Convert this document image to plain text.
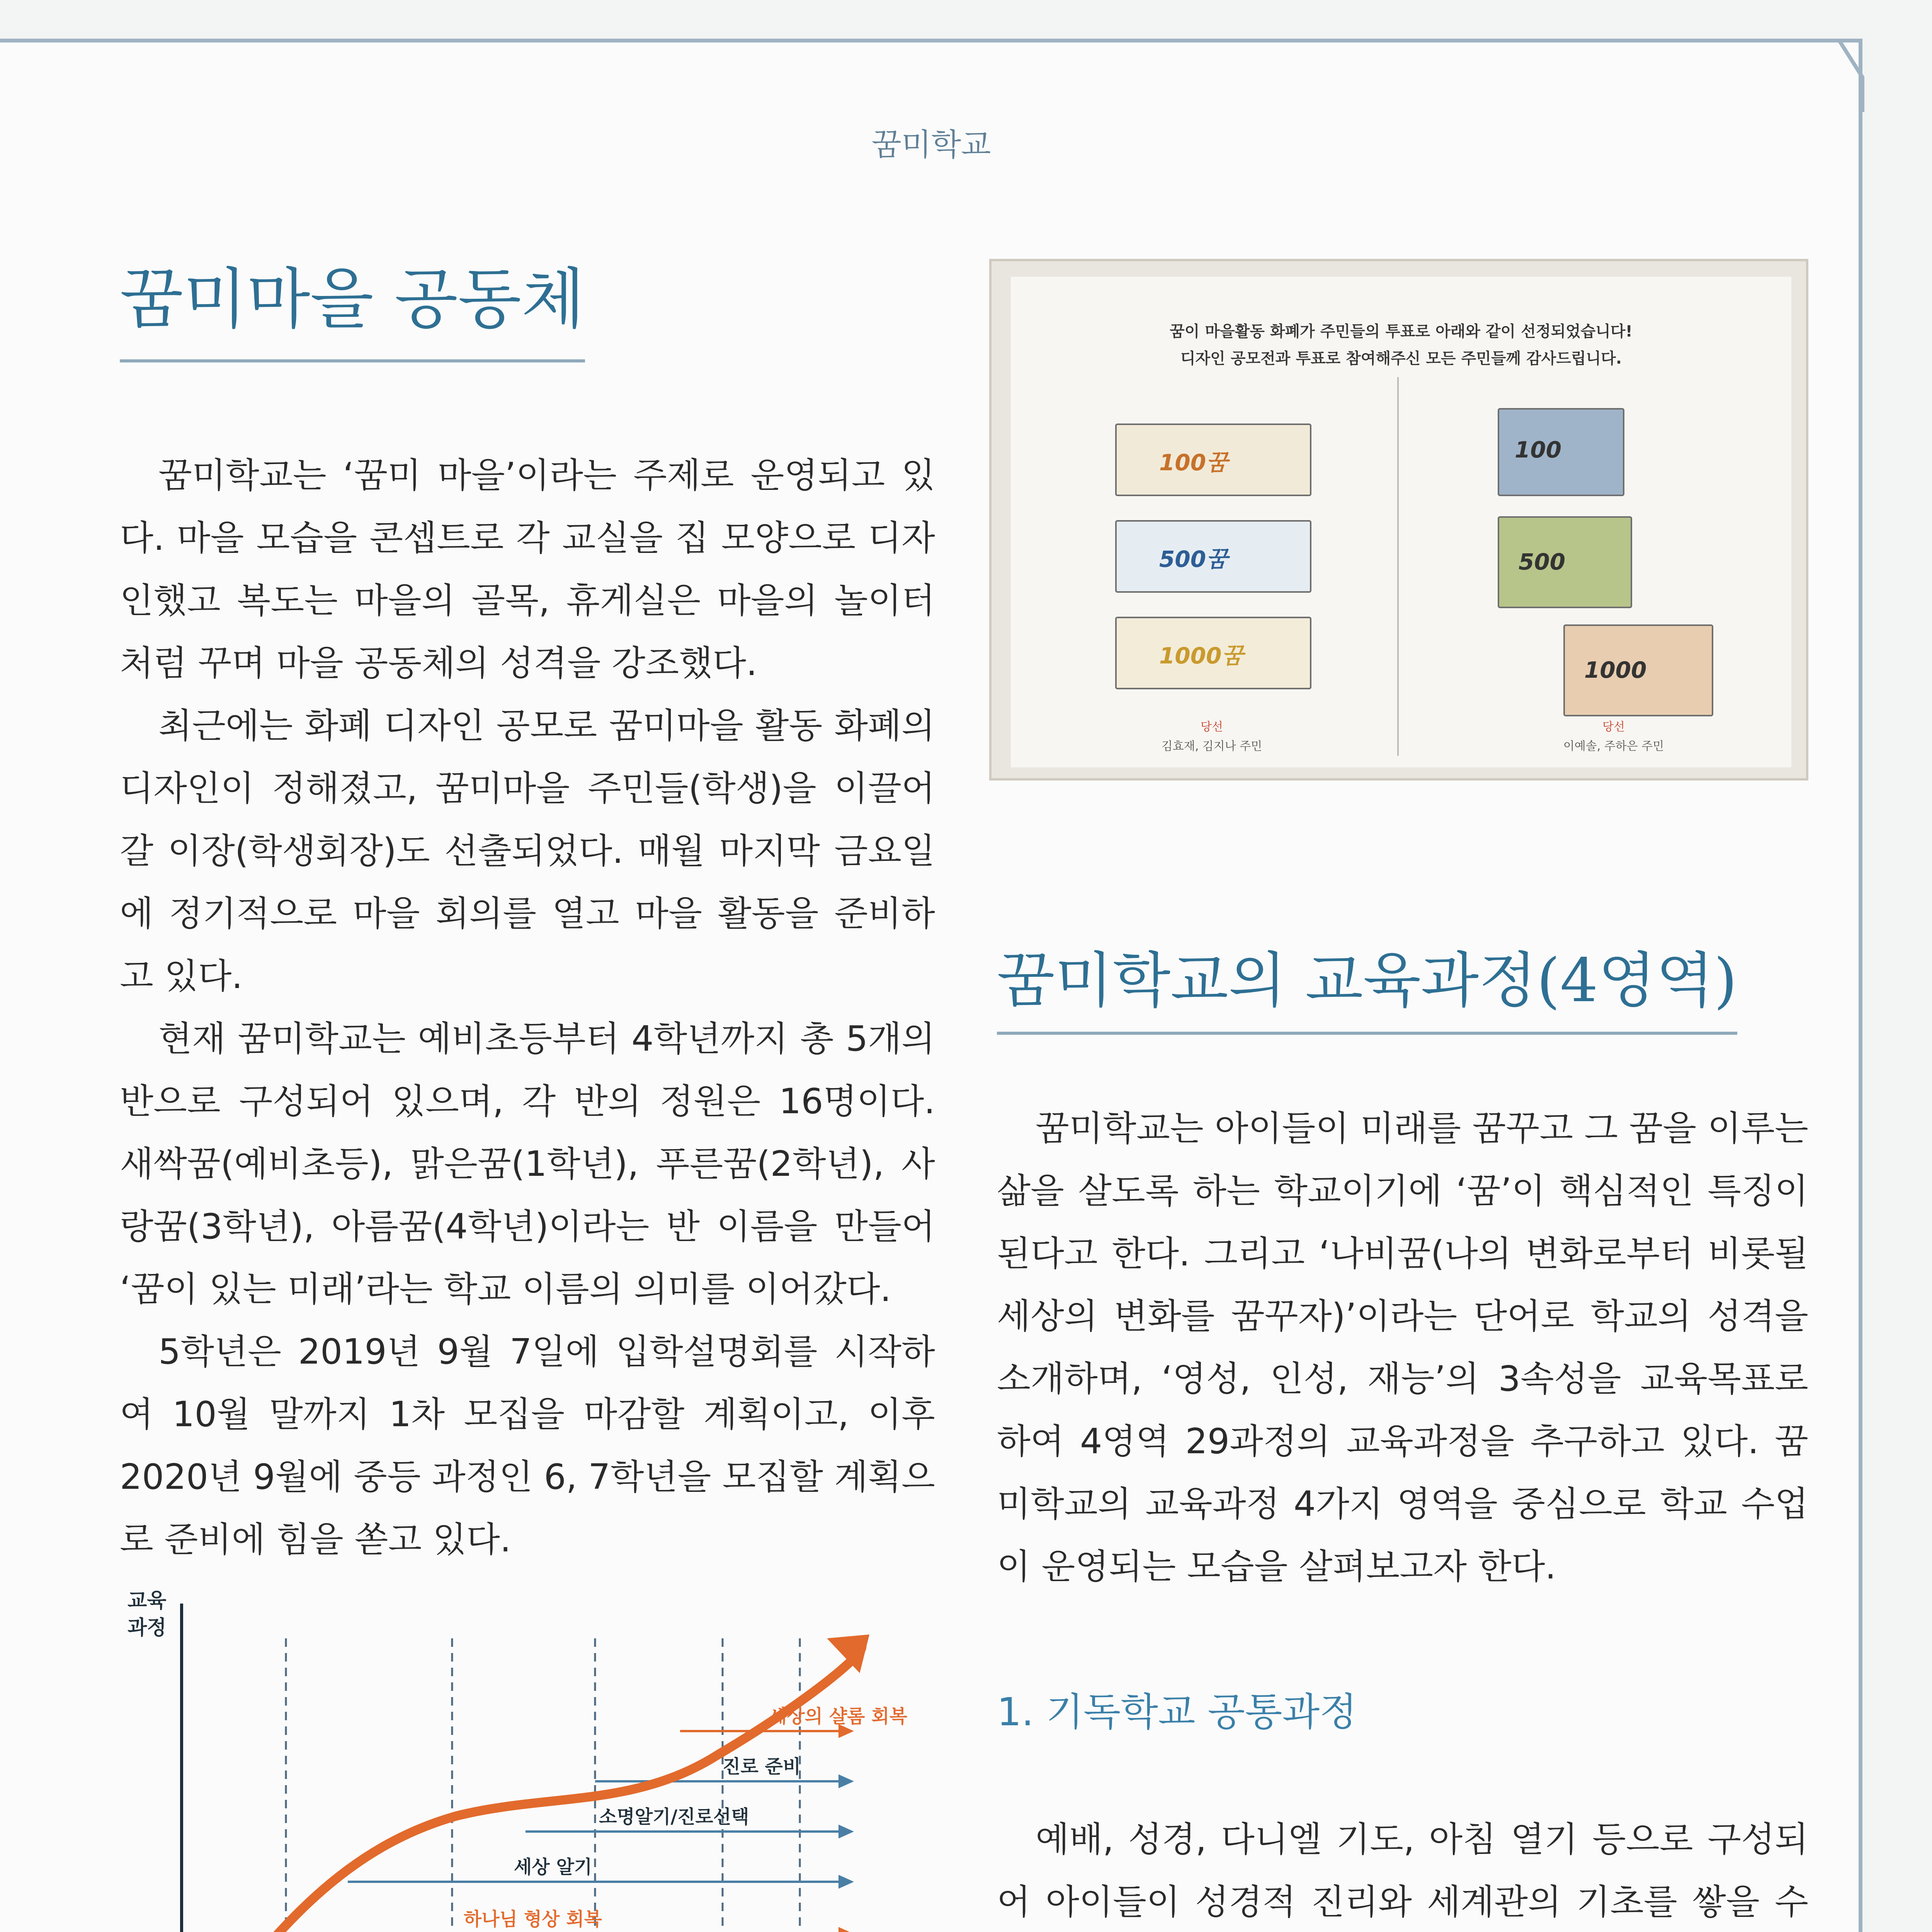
꿈미학교
꿈미마을 공동체

꿈미학교는 ‘꿈미 마을’이라는 주제로 운영되고 있다. 마을 모습을 콘셉트로 각 교실을 집 모양으로 디자인했고 복도는 마을의 골목, 휴게실은 마을의 놀이터처럼 꾸며 마을 공동체의 성격을 강조했다.

최근에는 화폐 디자인 공모로 꿈미마을 활동 화폐의 디자인이 정해졌고, 꿈미마을 주민들(학생)을 이끌어갈 이장(학생회장)도 선출되었다. 매월 마지막 금요일에 정기적으로 마을 회의를 열고 마을 활동을 준비하고 있다.

현재 꿈미학교는 예비초등부터 4학년까지 총 5개의 반으로 구성되어 있으며, 각 반의 정원은 16명이다. 새싹꿈(예비초등), 맑은꿈(1학년), 푸른꿈(2학년), 사랑꿈(3학년), 아름꿈(4학년)이라는 반 이름을 만들어 ‘꿈이 있는 미래’라는 학교 이름의 의미를 이어갔다.

5학년은 2019년 9월 7일에 입학설명회를 시작하여 10월 말까지 1차 모집을 마감할 계획이고, 이후 2020년 9월에 중등 과정인 6, 7학년을 모집할 계획으로 준비에 힘을 쏟고 있다.

교육
과정
하나님 형상 회복
세상 알기
소명알기/진로선택
진로 준비
세상의 샬롬 회복

꿈이 마을활동 화폐가 주민들의 투표로 아래와 같이 선정되었습니다!
디자인 공모전과 투표로 참여해주신 모든 주민들께 감사드립니다.
100꿈
500꿈
1000꿈
100
500
1000
당선
김효재, 김지나 주민
당선
이예솔, 주하은 주민
꿈미학교의 교육과정(4영역)

꿈미학교는 아이들이 미래를 꿈꾸고 그 꿈을 이루는 삶을 살도록 하는 학교이기에 ‘꿈’이 핵심적인 특징이 된다고 한다. 그리고 ‘나비꿈(나의 변화로부터 비롯될 세상의 변화를 꿈꾸자)’이라는 단어로 학교의 성격을 소개하며, ‘영성, 인성, 재능’의 3속성을 교육목표로 하여 4영역 29과정의 교육과정을 추구하고 있다. 꿈미학교의 교육과정 4가지 영역을 중심으로 학교 수업이 운영되는 모습을 살펴보고자 한다.

1. 기독학교 공통과정

예배, 성경, 다니엘 기도, 아침 열기 등으로 구성되어 아이들이 성경적 진리와 세계관의 기초를 쌓을 수
